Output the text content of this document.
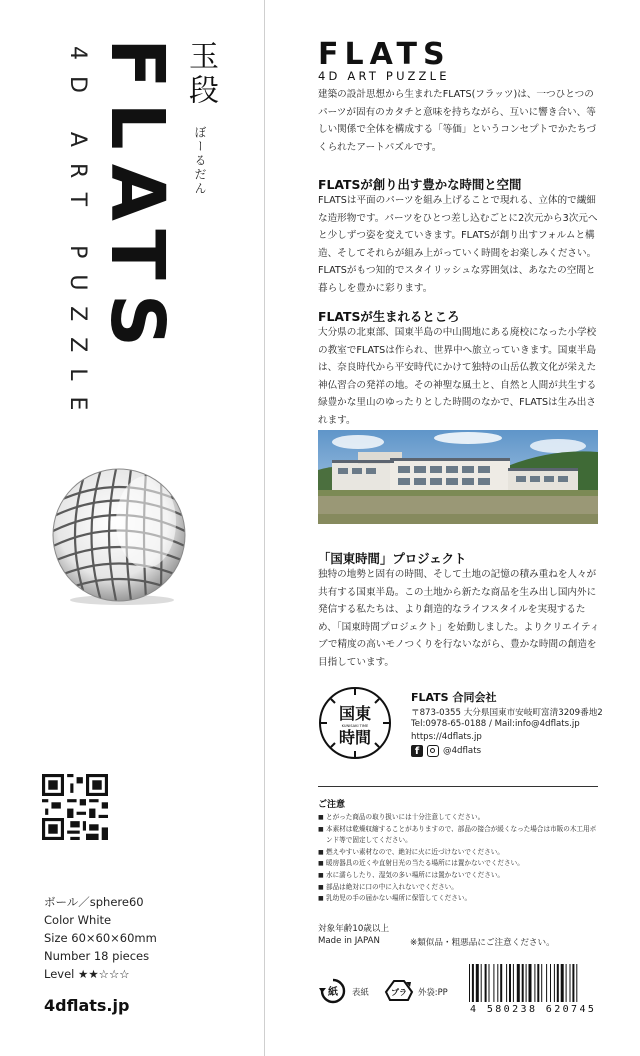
FLATS
4D ART PUZZLE	玉段
ぼーるだん
ボール／sphere60
Color White
Size 60×60×60mm
Number 18 pieces
Level ★★☆☆☆
4dflats.jp
FLATS
4D ART PUZZLE
建築の設計思想から生まれたFLATS(フラッツ)は、一つひとつのパーツが固有のカタチと意味を持ちながら、互いに響き合い、等しい関係で全体を構成する「等価」というコンセプトでかたちづくられたアートパズルです。
FLATSが創り出す豊かな時間と空間
FLATSは平面のパーツを組み上げることで現れる、立体的で繊細な造形物です。パーツをひとつ差し込むごとに2次元から3次元へと少しずつ姿を変えていきます。FLATSが創り出すフォルムと構造、そしてそれらが組み上がっていく時間をお楽しみください。FLATSがもつ知的でスタイリッシュな雰囲気は、あなたの空間と暮らしを豊かに彩ります。
FLATSが生まれるところ
大分県の北東部、国東半島の中山間地にある廃校になった小学校の教室でFLATSは作られ、世界中へ旅立っていきます。国東半島は、奈良時代から平安時代にかけて独特の山岳仏教文化が栄えた神仏習合の発祥の地。その神聖な風土と、自然と人間が共生する緑豊かな里山のゆったりとした時間のなかで、FLATSは生み出されます。
「国東時間」プロジェクト
独特の地勢と固有の時間、そして土地の記憶の積み重ねを人々が共有する国東半島。この土地から新たな商品を生み出し国内外に発信する私たちは、より創造的なライフスタイルを実現するため、「国東時間プロジェクト」を始動しました。よりクリエイティブで精度の高いモノつくりを行ないながら、豊かな時間の創造を目指しています。
国東
KUNISAKI TIME
時間
FLATS 合同会社
〒873-0355 大分県国東市安岐町富清3209番地2
Tel:0978-65-0188 / Mail:info@4dflats.jp
https://4dflats.jp
f	@4dflats
ご注意
■ とがった商品の取り扱いには十分注意してください。
■ 本素材は乾燥収縮することがありますので、部品の接合が緩くなった場合は市販の木工用ボンド等で固定してください。
■ 燃えやすい素材なので、絶対に火に近づけないでください。
■ 暖房器具の近くや直射日光の当たる場所には置かないでください。
■ 水に濡らしたり、湿気の多い場所には置かないでください。
■ 部品は絶対に口の中に入れないでください。
■ 乳幼児の手の届かない場所に保管してください。
対象年齢10歳以上
Made in JAPAN	※類似品・粗悪品にご注意ください。
紙 表紙	プラ 外袋:PP
4 580238 620745
